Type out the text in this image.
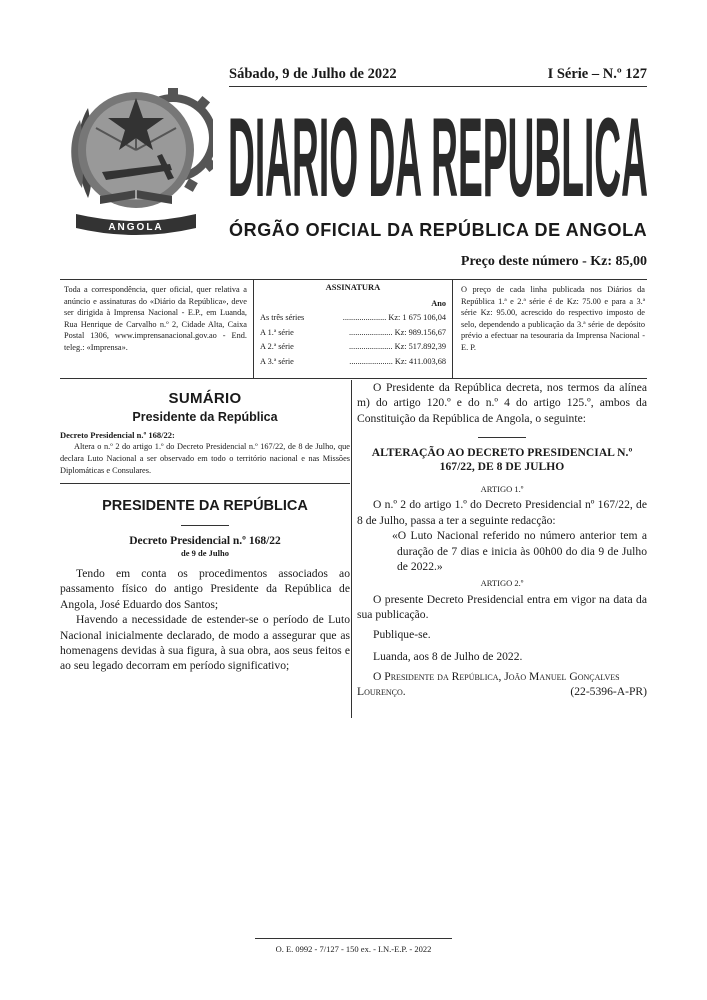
Sábado, 9 de Julho de 2022	I Série – N.º 127
ANGOLA
DIÁRIO DA REPÚBLICA
ÓRGÃO OFICIAL DA REPÚBLICA DE ANGOLA
Preço deste número - Kz: 85,00
Toda a correspondência, quer oficial, quer relativa a anúncio e assinaturas do «Diário da República», deve ser dirigida à Imprensa Nacional - E.P., em Luanda, Rua Henrique de Carvalho n.º 2, Cidade Alta, Caixa Postal 1306, www.imprensanacional.gov.ao - End. teleg.: «Imprensa».
ASSINATURA
Ano
As três séries	..................... Kz: 1 675 106,04
A 1.ª série	..................... Kz: 989.156,67
A 2.ª série	..................... Kz: 517.892,39
A 3.ª série	..................... Kz: 411.003,68
O preço de cada linha publicada nos Diários da República 1.ª e 2.ª série é de Kz: 75.00 e para a 3.ª série Kz: 95.00, acrescido do respectivo imposto de selo, dependendo a publicação da 3.ª série de depósito prévio a efectuar na tesouraria da Imprensa Nacional - E. P.
SUMÁRIO
Presidente da República
Decreto Presidencial n.º 168/22:
Altera o n.º 2 do artigo 1.º do Decreto Presidencial n.º 167/22, de 8 de Julho, que declara Luto Nacional a ser observado em todo o território nacional e nas Missões Diplomáticas e Consulares.
PRESIDENTE DA REPÚBLICA
Decreto Presidencial n.º 168/22
de 9 de Julho

Tendo em conta os procedimentos associados ao passamento físico do antigo Presidente da República de Angola, José Eduardo dos Santos;

Havendo a necessidade de estender-se o período de Luto Nacional inicialmente declarado, de modo a assegurar que as homenagens devidas à sua figura, à sua obra, aos seus feitos e ao seu legado decorram em período significativo;

O Presidente da República decreta, nos termos da alínea m) do artigo 120.º e do n.º 4 do artigo 125.º, ambos da Constituição da República de Angola, o seguinte:

ALTERAÇÃO AO DECRETO PRESIDENCIAL N.º 167/22, DE 8 DE JULHO
ARTIGO 1.º

O n.º 2 do artigo 1.º do Decreto Presidencial nº 167/22, de 8 de Julho, passa a ter a seguinte redacção:

«O Luto Nacional referido no número anterior tem a duração de 7 dias e inicia às 00h00 do dia 9 de Julho de 2022.»

ARTIGO 2.º

O presente Decreto Presidencial entra em vigor na data da sua publicação.

Publique-se.

Luanda, aos 8 de Julho de 2022.

O Presidente da República, João Manuel Gonçalves

Lourenço.	(22-5396-A-PR)
O. E. 0992 - 7/127 - 150 ex. - I.N.-E.P. - 2022
